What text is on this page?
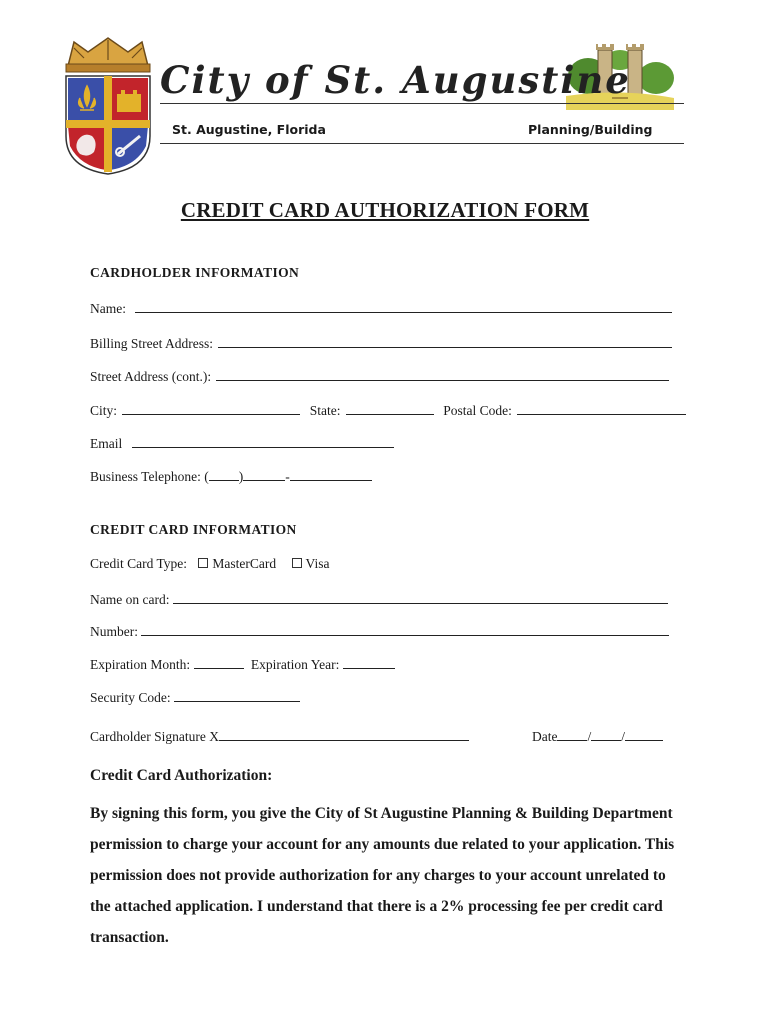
City of St. Augustine
St. Augustine, Florida	Planning/Building
CREDIT CARD AUTHORIZATION FORM
CARDHOLDER INFORMATION
Name:
Billing Street Address:
Street Address (cont.):
City:	State:	Postal Code:
Email
Business Telephone: ( )	-
CREDIT CARD INFORMATION
Credit Card Type: MasterCard Visa
Name on card:
Number:
Expiration Month:	Expiration Year:
Security Code:
Cardholder Signature X	Date / /
Credit Card Authorization:
By signing this form, you give the City of St Augustine Planning & Building Department permission to charge your account for any amounts due related to your application. This permission does not provide authorization for any charges to your account unrelated to the attached application. I understand that there is a 2% processing fee per credit card transaction.
